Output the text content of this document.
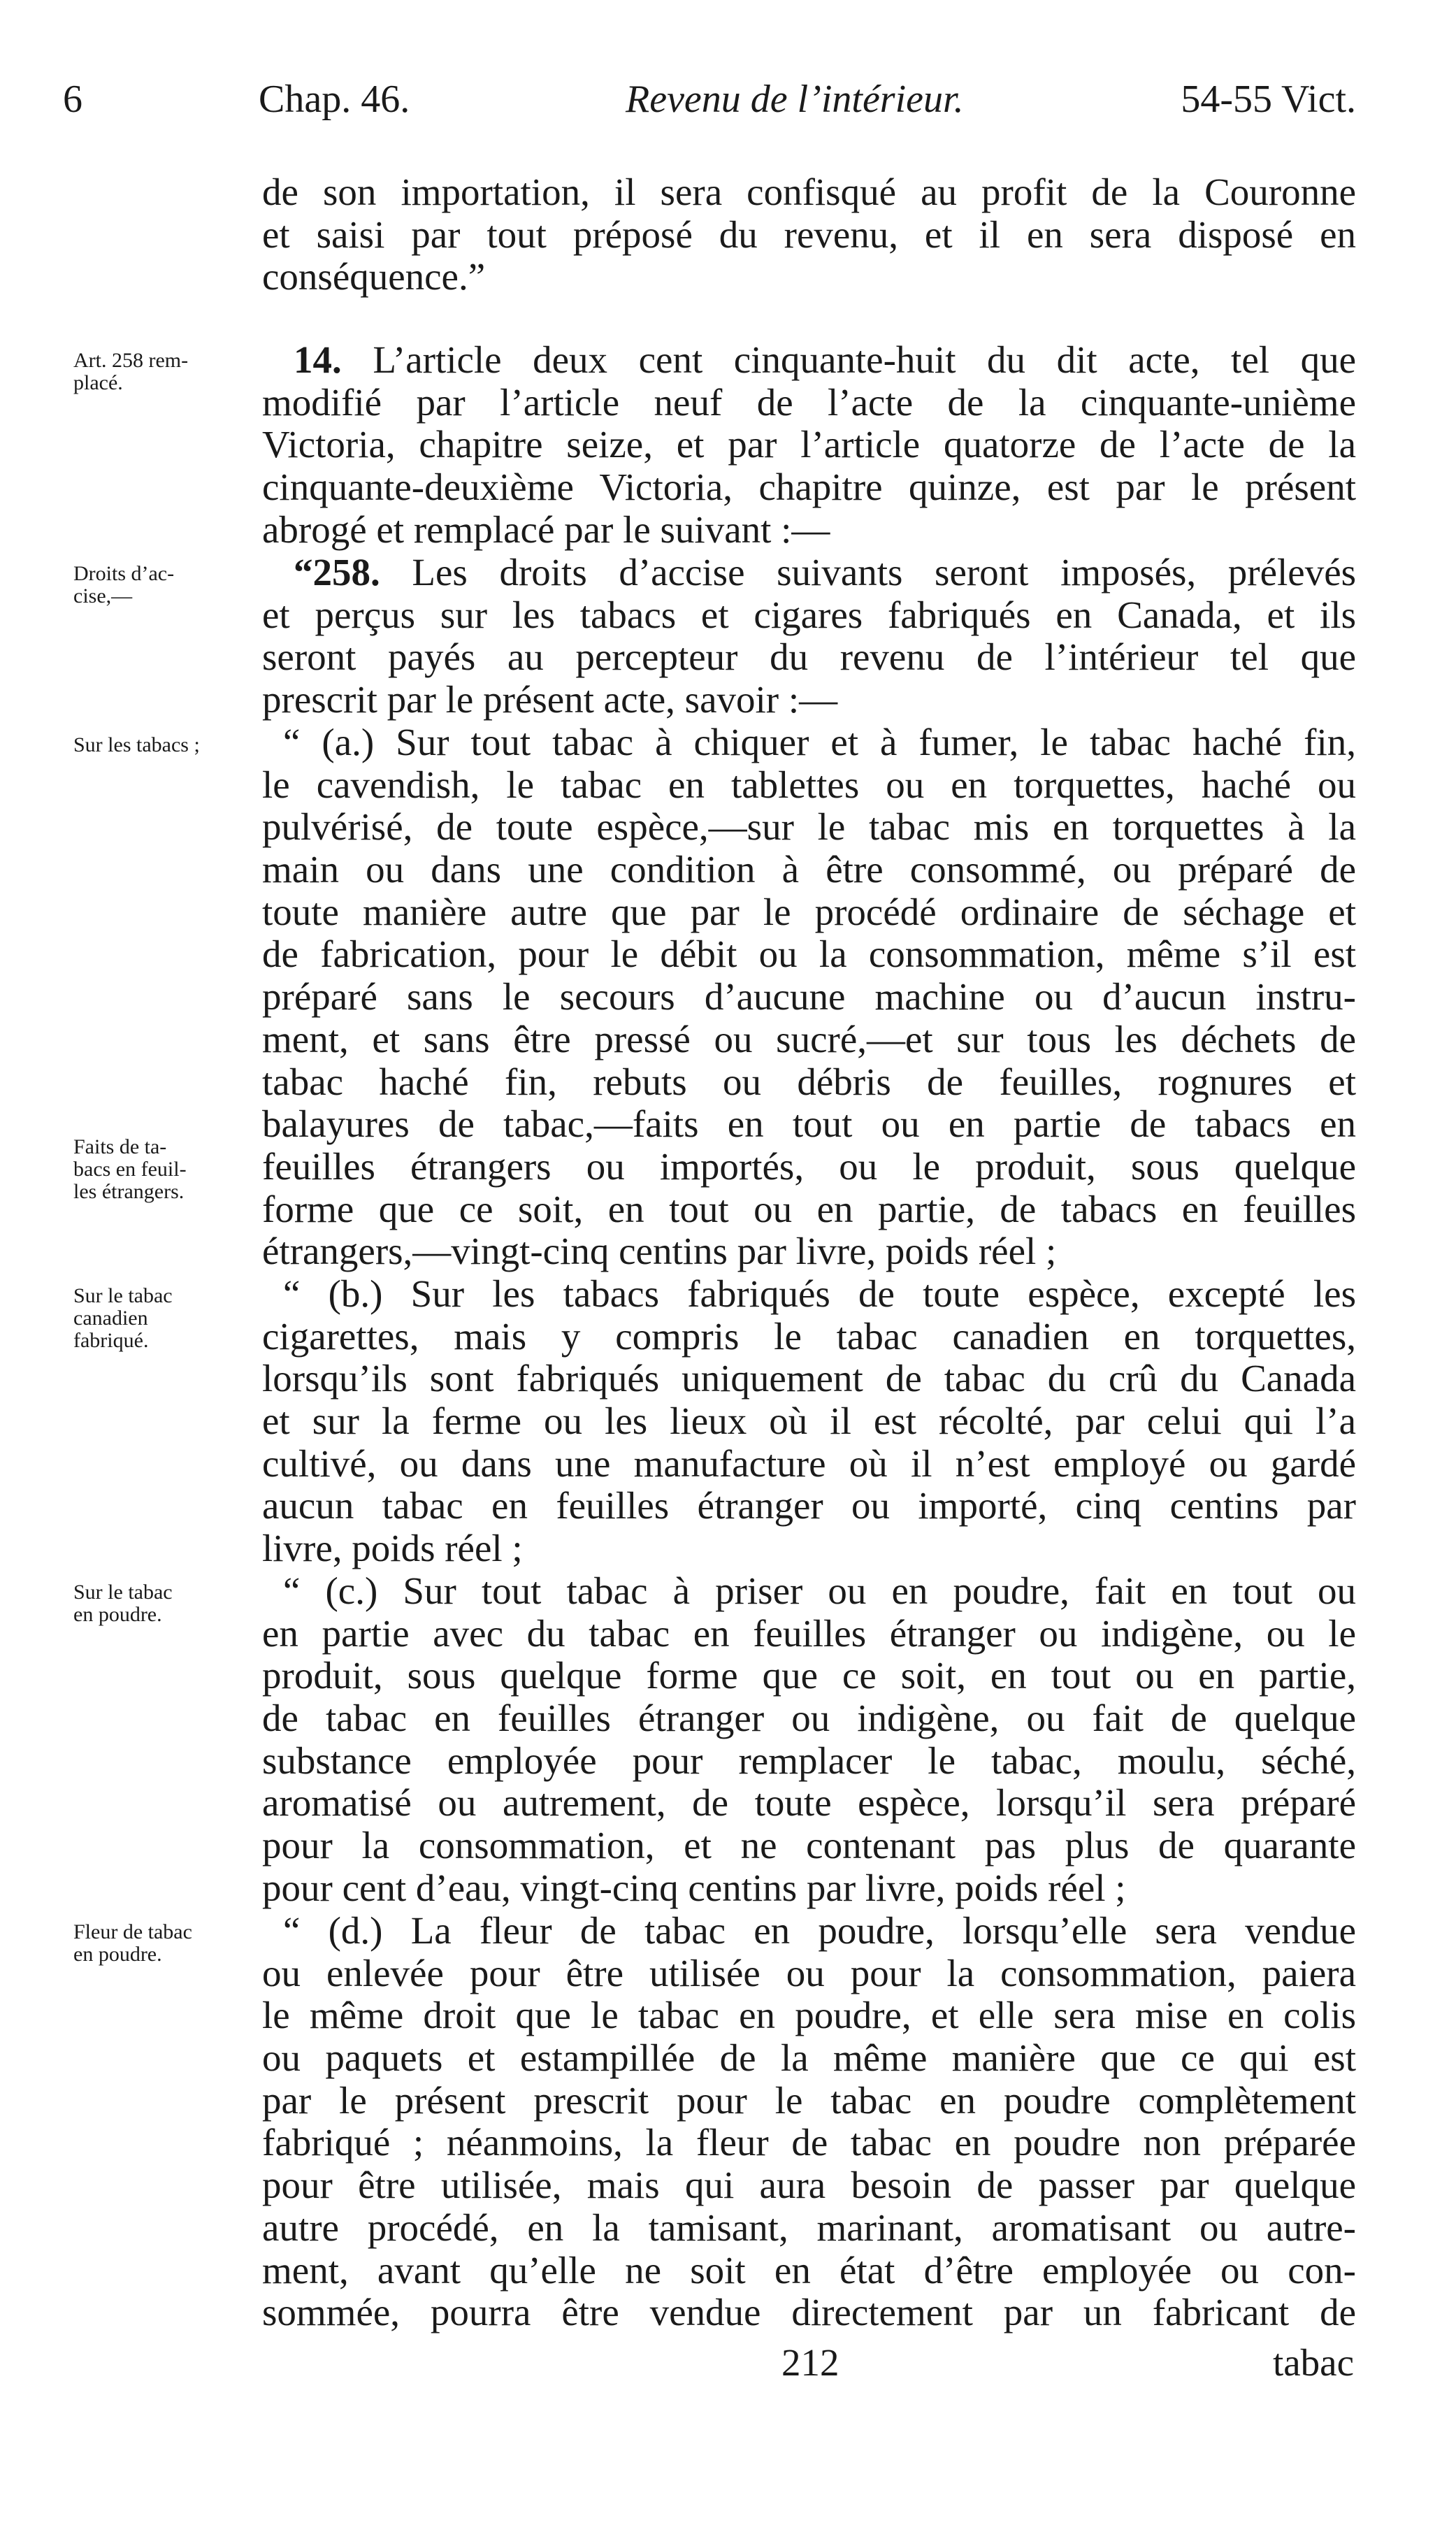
6	Chap. 46.	Revenu de l’intérieur.	54-55 Vict.
de son importation, il sera confisqué au profit de la Couronne
et saisi par tout préposé du revenu, et il en sera disposé en
conséquence.”
14. L’article deux cent cinquante-huit du dit acte, tel que
modifié par l’article neuf de l’acte de la cinquante-unième
Victoria, chapitre seize, et par l’article quatorze de l’acte de la
cinquante-deuxième Victoria, chapitre quinze, est par le présent
abrogé et remplacé par le suivant :—
“258. Les droits d’accise suivants seront imposés, prélevés
et perçus sur les tabacs et cigares fabriqués en Canada, et ils
seront payés au percepteur du revenu de l’intérieur tel que
prescrit par le présent acte, savoir :—
“ (a.) Sur tout tabac à chiquer et à fumer, le tabac haché fin,
le cavendish, le tabac en tablettes ou en torquettes, haché ou
pulvérisé, de toute espèce,—sur le tabac mis en torquettes à la
main ou dans une condition à être consommé, ou préparé de
toute manière autre que par le procédé ordinaire de séchage et
de fabrication, pour le débit ou la consommation, même s’il est
préparé sans le secours d’aucune machine ou d’aucun instru-
ment, et sans être pressé ou sucré,—et sur tous les déchets de
tabac haché fin, rebuts ou débris de feuilles, rognures et
balayures de tabac,—faits en tout ou en partie de tabacs en
feuilles étrangers ou importés, ou le produit, sous quelque
forme que ce soit, en tout ou en partie, de tabacs en feuilles
étrangers,—vingt-cinq centins par livre, poids réel ;
“ (b.) Sur les tabacs fabriqués de toute espèce, excepté les
cigarettes, mais y compris le tabac canadien en torquettes,
lorsqu’ils sont fabriqués uniquement de tabac du crû du Canada
et sur la ferme ou les lieux où il est récolté, par celui qui l’a
cultivé, ou dans une manufacture où il n’est employé ou gardé
aucun tabac en feuilles étranger ou importé, cinq centins par
livre, poids réel ;
“ (c.) Sur tout tabac à priser ou en poudre, fait en tout ou
en partie avec du tabac en feuilles étranger ou indigène, ou le
produit, sous quelque forme que ce soit, en tout ou en partie,
de tabac en feuilles étranger ou indigène, ou fait de quelque
substance employée pour remplacer le tabac, moulu, séché,
aromatisé ou autrement, de toute espèce, lorsqu’il sera préparé
pour la consommation, et ne contenant pas plus de quarante
pour cent d’eau, vingt-cinq centins par livre, poids réel ;
“ (d.) La fleur de tabac en poudre, lorsqu’elle sera vendue
ou enlevée pour être utilisée ou pour la consommation, paiera
le même droit que le tabac en poudre, et elle sera mise en colis
ou paquets et estampillée de la même manière que ce qui est
par le présent prescrit pour le tabac en poudre complètement
fabriqué ; néanmoins, la fleur de tabac en poudre non préparée
pour être utilisée, mais qui aura besoin de passer par quelque
autre procédé, en la tamisant, marinant, aromatisant ou autre-
ment, avant qu’elle ne soit en état d’être employée ou con-
sommée, pourra être vendue directement par un fabricant de
Art. 258 rem-
placé.
Droits d’ac-
cise,—
Sur les tabacs ;
Faits de ta-
bacs en feuil-
les étrangers.
Sur le tabac
canadien
fabriqué.
Sur le tabac
en poudre.
Fleur de tabac
en poudre.
212	tabac
